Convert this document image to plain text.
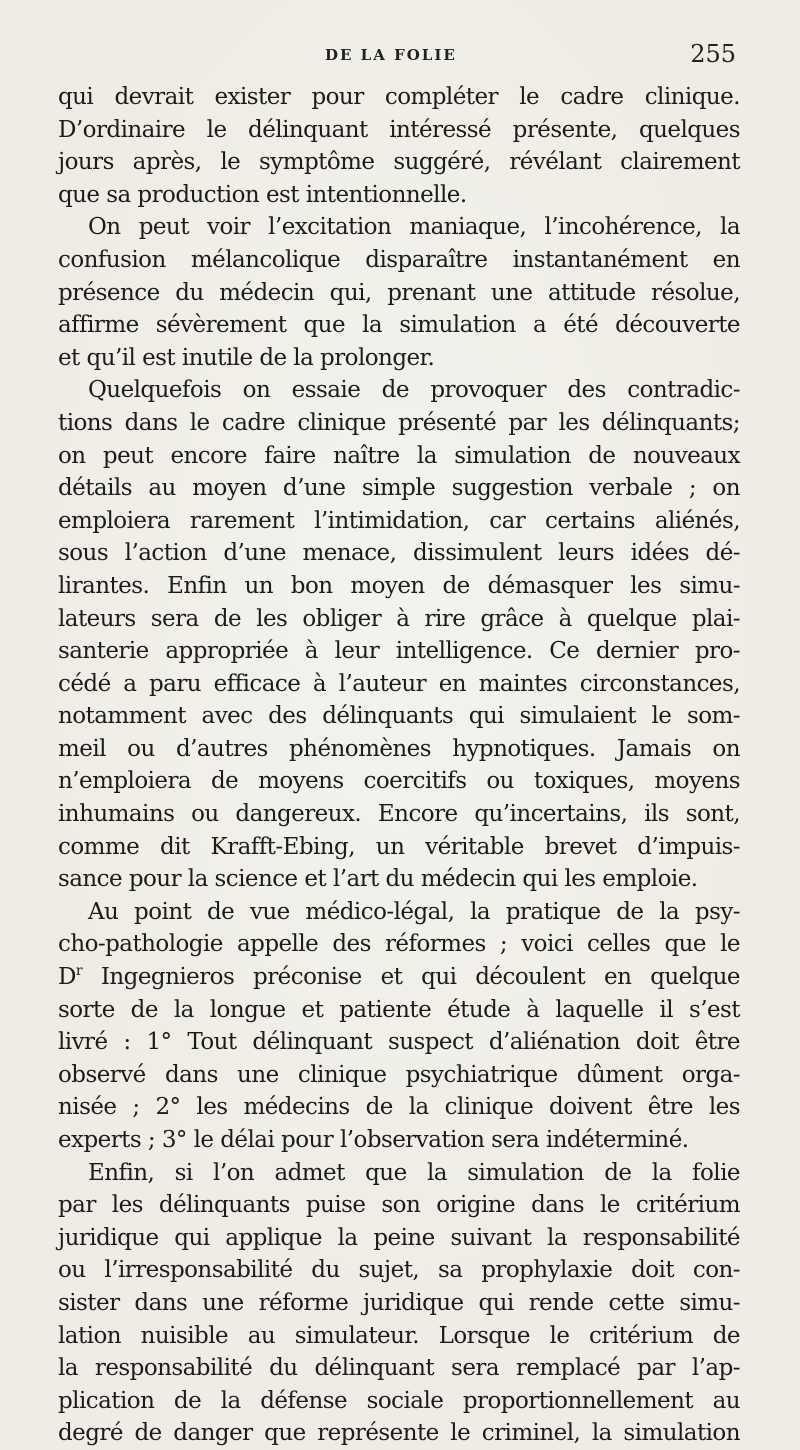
DE LA FOLIE	255

qui devrait exister pour compléter le cadre clinique.
D’ordinaire le délinquant intéressé présente, quelques
jours après, le symptôme suggéré, révélant clairement
que sa production est intentionnelle.

On peut voir l’excitation maniaque, l’incohérence, la
confusion mélancolique disparaître instantanément en
présence du médecin qui, prenant une attitude résolue,
affirme sévèrement que la simulation a été découverte
et qu’il est inutile de la prolonger.

Quelquefois on essaie de provoquer des contradic-
tions dans le cadre clinique présenté par les délinquants;
on peut encore faire naître la simulation de nouveaux
détails au moyen d’une simple suggestion verbale ; on
emploiera rarement l’intimidation, car certains aliénés,
sous l’action d’une menace, dissimulent leurs idées dé-
lirantes. Enfin un bon moyen de démasquer les simu-
lateurs sera de les obliger à rire grâce à quelque plai-
santerie appropriée à leur intelligence. Ce dernier pro-
cédé a paru efficace à l’auteur en maintes circonstances,
notamment avec des délinquants qui simulaient le som-
meil ou d’autres phénomènes hypnotiques. Jamais on
n’emploiera de moyens coercitifs ou toxiques, moyens
inhumains ou dangereux. Encore qu’incertains, ils sont,
comme dit Krafft-Ebing, un véritable brevet d’impuis-
sance pour la science et l’art du médecin qui les emploie.

Au point de vue médico-légal, la pratique de la psy-
cho-pathologie appelle des réformes ; voici celles que le
$D^r$ Ingegnieros préconise et qui découlent en quelque
sorte de la longue et patiente étude à laquelle il s’est
livré : 1° Tout délinquant suspect d’aliénation doit être
observé dans une clinique psychiatrique dûment orga-
nisée ; 2° les médecins de la clinique doivent être les
experts ; 3° le délai pour l’observation sera indéterminé.

Enfin, si l’on admet que la simulation de la folie
par les délinquants puise son origine dans le critérium
juridique qui applique la peine suivant la responsabilité
ou l’irresponsabilité du sujet, sa prophylaxie doit con-
sister dans une réforme juridique qui rende cette simu-
lation nuisible au simulateur. Lorsque le critérium de
la responsabilité du délinquant sera remplacé par l’ap-
plication de la défense sociale proportionnellement au
degré de danger que représente le criminel, la simulation
